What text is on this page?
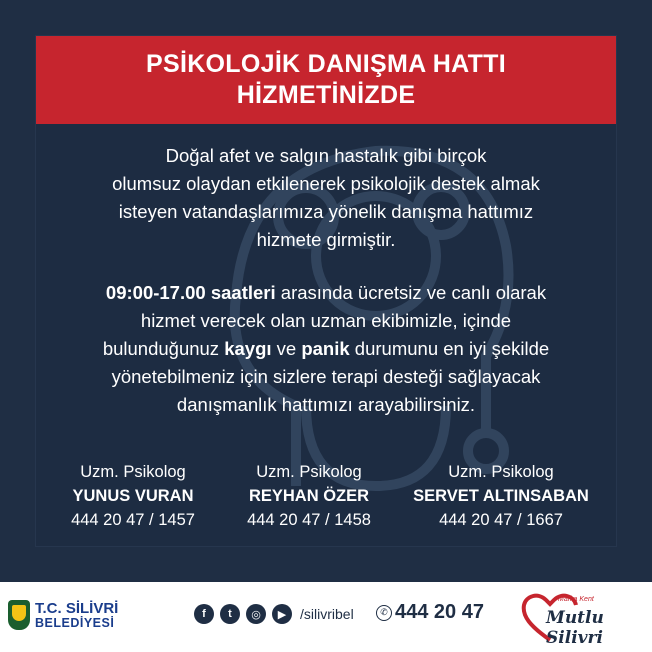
PSİKOLOJİK DANIŞMA HATTI
HİZMETİNİZDE
Doğal afet ve salgın hastalık gibi birçok
olumsuz olaydan etkilenerek psikolojik destek almak
isteyen vatandaşlarımıza yönelik danışma hattımız
hizmete girmiştir.
09:00-17.00 saatleri arasında ücretsiz ve canlı olarak
hizmet verecek olan uzman ekibimizle, içinde
bulunduğunuz kaygı ve panik durumunu en iyi şekilde
yönetebilmeniz için sizlere terapi desteği sağlayacak
danışmanlık hattımızı arayabilirsiniz.
Uzm. Psikolog
YUNUS VURAN
444 20 47 / 1457
Uzm. Psikolog
REYHAN ÖZER
444 20 47 / 1458
Uzm. Psikolog
SERVET ALTINSABAN
444 20 47 / 1667
T.C. SİLİVRİ
BELEDİYESİ
f	t	◎	▶ /silivribel	✆ 444 20 47
Marka Kent
Mutlu Silivri
